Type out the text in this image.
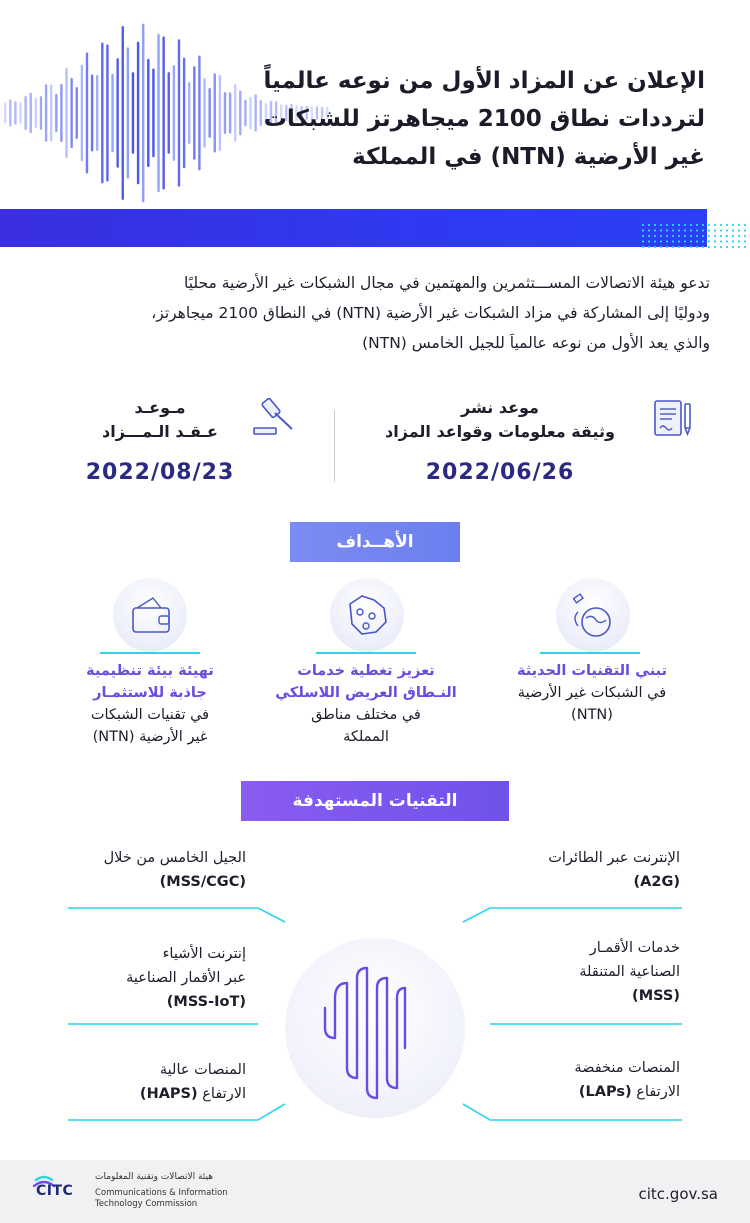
الإعلان عن المزاد الأول من نوعه عالمياً
لترددات نطاق 2100 ميجاهرتز للشبكات
غير الأرضية (NTN) في المملكة
تدعو هيئة الاتصالات المســـتثمرين والمهتمين في مجال الشبكات غير الأرضية محليًا
ودوليًا إلى المشاركة في مزاد الشبكات غير الأرضية (NTN) في النطاق 2100 ميجاهرتز،
والذي يعد الأول من نوعه عالمياَ للجيل الخامس (NTN)
موعد نشر
وثيقة معلومات وقواعد المزاد
2022/06/26
مـوعـد
عـقـد الـمـــزاد
2022/08/23
الأهــداف
تبني التقنيات الحديثة
في الشبكات غير الأرضية
(NTN)
تعزيز تغطية خدمات
النـطاق العريض اللاسلكي
في مختلف مناطق
المملكة
تهيئة بيئة تنظيمية
جاذبة للاستثمـار
في تقنيات الشبكات
غير الأرضية (NTN)
التقنيات المستهدفة
الإنترنت عبر الطائرات
(A2G)
خدمات الأقمـار
الصناعية المتنقلة
(MSS)
المنصات منخفضة
الارتفاع (LAPs)
الجيل الخامس من خلال
(MSS/CGC)
إنترنت الأشياء
عبر الأقمار الصناعية
(MSS-IoT)
المنصات عالية
الارتفاع (HAPS)
CITC
هيئة الاتصالات وتقنية المعلومات
Communications & Information
Technology Commission
citc.gov.sa
